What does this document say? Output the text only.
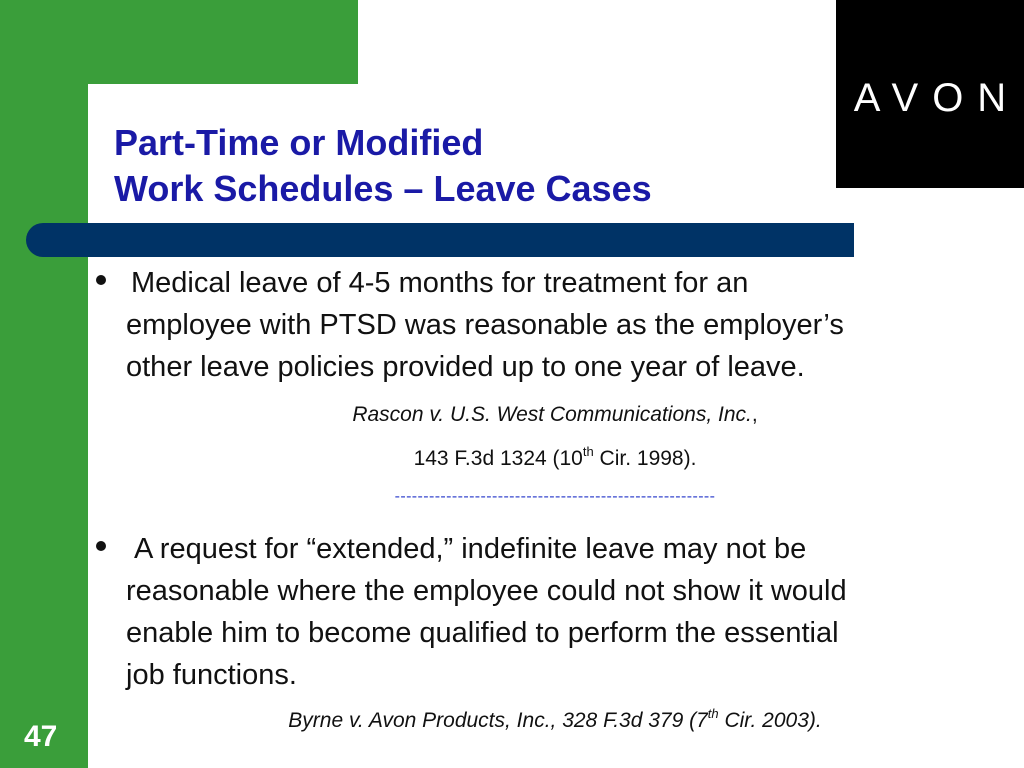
AVON
Part-Time or Modified
Work Schedules – Leave Cases
Medical leave of 4-5 months for treatment for an
employee with PTSD was reasonable as the employer’s
other leave policies provided up to one year of leave.
Rascon v. U.S. West Communications, Inc.,
143 F.3d 1324 (10th Cir. 1998).
--------------------------------------------------------
A request for “extended,” indefinite leave may not be
reasonable where the employee could not show it would
enable him to become qualified to perform the essential
job functions.
Byrne v. Avon Products, Inc., 328 F.3d 379 (7th Cir. 2003).
47
